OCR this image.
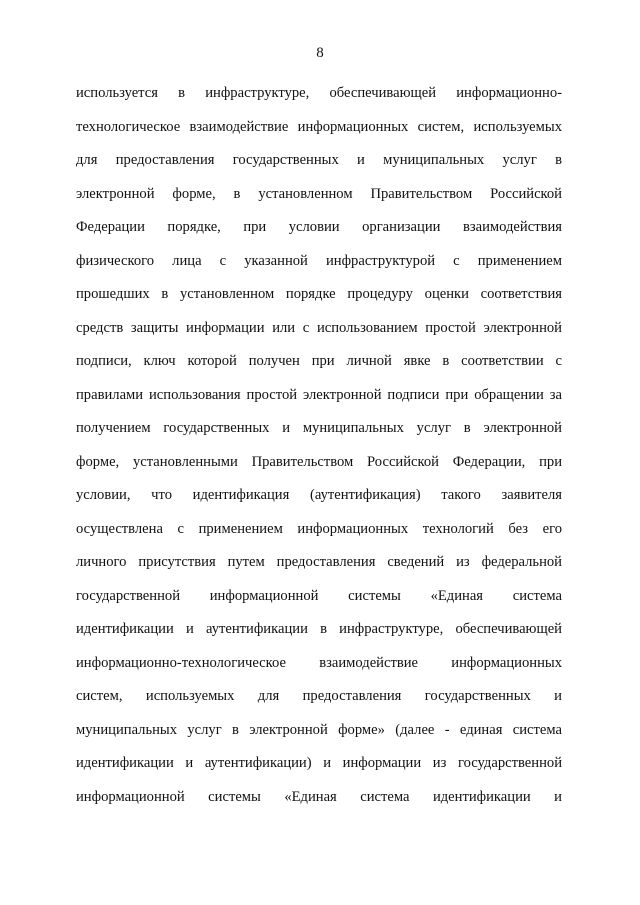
8
используется в инфраструктуре, обеспечивающей информационно-
технологическое взаимодействие информационных систем, используемых
для предоставления государственных и муниципальных услуг в
электронной форме, в установленном Правительством Российской
Федерации порядке, при условии организации взаимодействия
физического лица с указанной инфраструктурой с применением
прошедших в установленном порядке процедуру оценки соответствия
средств защиты информации или с использованием простой электронной
подписи, ключ которой получен при личной явке в соответствии с
правилами использования простой электронной подписи при обращении за
получением государственных и муниципальных услуг в электронной
форме, установленными Правительством Российской Федерации, при
условии, что идентификация (аутентификация) такого заявителя
осуществлена с применением информационных технологий без его
личного присутствия путем предоставления сведений из федеральной
государственной информационной системы «Единая система
идентификации и аутентификации в инфраструктуре, обеспечивающей
информационно-технологическое взаимодействие информационных
систем, используемых для предоставления государственных и
муниципальных услуг в электронной форме» (далее - единая система
идентификации и аутентификации) и информации из государственной
информационной системы «Единая система идентификации и
